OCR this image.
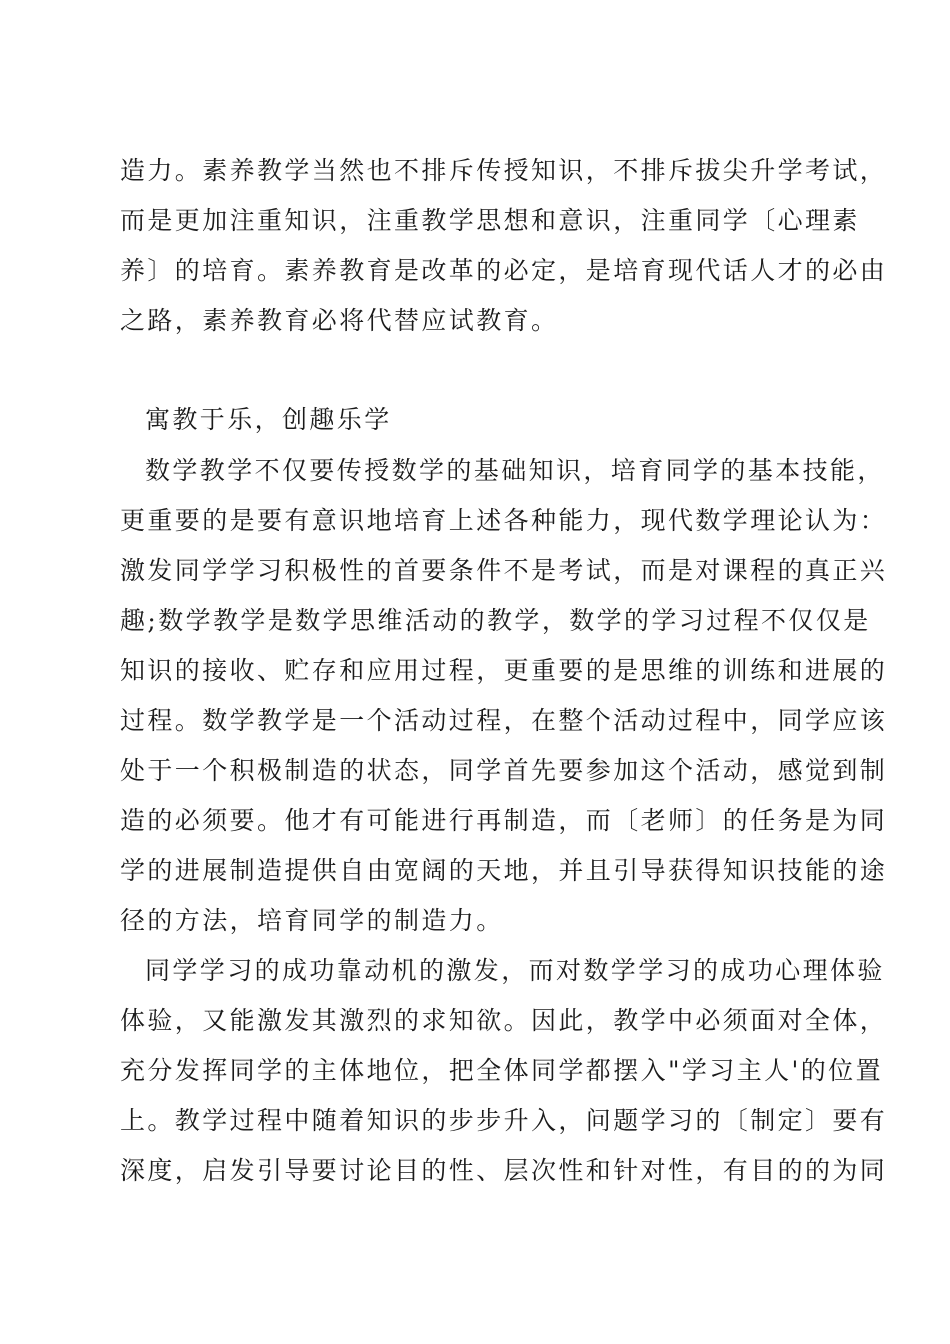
造力。素养教学当然也不排斥传授知识，不排斥拔尖升学考试，
而是更加注重知识，注重教学思想和意识，注重同学〔心理素
养〕的培育。素养教育是改革的必定，是培育现代话人才的必由
之路，素养教育必将代替应试教育。
寓教于乐，创趣乐学
数学教学不仅要传授数学的基础知识，培育同学的基本技能，
更重要的是要有意识地培育上述各种能力，现代数学理论认为：
激发同学学习积极性的首要条件不是考试，而是对课程的真正兴
趣;数学教学是数学思维活动的教学，数学的学习过程不仅仅是
知识的接收、贮存和应用过程，更重要的是思维的训练和进展的
过程。数学教学是一个活动过程，在整个活动过程中，同学应该
处于一个积极制造的状态，同学首先要参加这个活动，感觉到制
造的必须要。他才有可能进行再制造，而〔老师〕的任务是为同
学的进展制造提供自由宽阔的天地，并且引导获得知识技能的途
径的方法，培育同学的制造力。
同学学习的成功靠动机的激发，而对数学学习的成功心理体验
体验，又能激发其激烈的求知欲。因此，教学中必须面对全体，
充分发挥同学的主体地位，把全体同学都摆入"学习主人'的位置
上。教学过程中随着知识的步步升入，问题学习的〔制定〕要有
深度，启发引导要讨论目的性、层次性和针对性，有目的的为同
